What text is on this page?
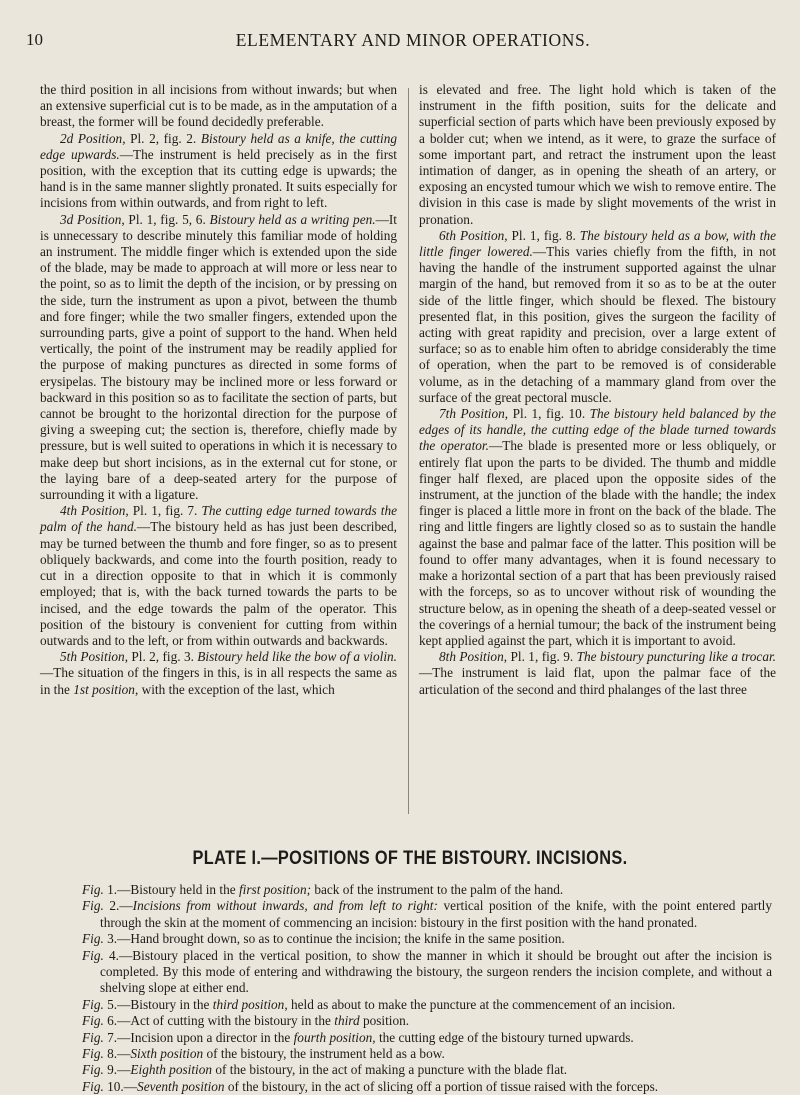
10	ELEMENTARY AND MINOR OPERATIONS.

the third position in all incisions from without inwards; but when an extensive superficial cut is to be made, as in the amputation of a breast, the former will be found decidedly preferable.

2d Position, Pl. 2, fig. 2. Bistoury held as a knife, the cutting edge upwards.—The instrument is held precisely as in the first position, with the exception that its cutting edge is upwards; the hand is in the same manner slightly pronated. It suits especially for incisions from within outwards, and from right to left.

3d Position, Pl. 1, fig. 5, 6. Bistoury held as a writing pen.—It is unnecessary to describe minutely this familiar mode of holding an instrument. The middle finger which is extended upon the side of the blade, may be made to approach at will more or less near to the point, so as to limit the depth of the incision, or by pressing on the side, turn the instrument as upon a pivot, between the thumb and fore finger; while the two smaller fingers, extended upon the surrounding parts, give a point of support to the hand. When held vertically, the point of the instrument may be readily applied for the purpose of making punctures as directed in some forms of erysipelas. The bistoury may be inclined more or less forward or backward in this position so as to facilitate the section of parts, but cannot be brought to the horizontal direction for the purpose of giving a sweeping cut; the section is, therefore, chiefly made by pressure, but is well suited to operations in which it is necessary to make deep but short incisions, as in the external cut for stone, or the laying bare of a deep-seated artery for the purpose of surrounding it with a ligature.

4th Position, Pl. 1, fig. 7. The cutting edge turned towards the palm of the hand.—The bistoury held as has just been described, may be turned between the thumb and fore finger, so as to present obliquely backwards, and come into the fourth position, ready to cut in a direction opposite to that in which it is commonly employed; that is, with the back turned towards the parts to be incised, and the edge towards the palm of the operator. This position of the bistoury is convenient for cutting from within outwards and to the left, or from within outwards and backwards.

5th Position, Pl. 2, fig. 3. Bistoury held like the bow of a violin.—The situation of the fingers in this, is in all respects the same as in the 1st position, with the exception of the last, which

is elevated and free. The light hold which is taken of the instrument in the fifth position, suits for the delicate and superficial section of parts which have been previously exposed by a bolder cut; when we intend, as it were, to graze the surface of some important part, and retract the instrument upon the least intimation of danger, as in opening the sheath of an artery, or exposing an encysted tumour which we wish to remove entire. The division in this case is made by slight movements of the wrist in pronation.

6th Position, Pl. 1, fig. 8. The bistoury held as a bow, with the little finger lowered.—This varies chiefly from the fifth, in not having the handle of the instrument supported against the ulnar margin of the hand, but removed from it so as to be at the outer side of the little finger, which should be flexed. The bistoury presented flat, in this position, gives the surgeon the facility of acting with great rapidity and precision, over a large extent of surface; so as to enable him often to abridge considerably the time of operation, when the part to be removed is of considerable volume, as in the detaching of a mammary gland from over the surface of the great pectoral muscle.

7th Position, Pl. 1, fig. 10. The bistoury held balanced by the edges of its handle, the cutting edge of the blade turned towards the operator.—The blade is presented more or less obliquely, or entirely flat upon the parts to be divided. The thumb and middle finger half flexed, are placed upon the opposite sides of the instrument, at the junction of the blade with the handle; the index finger is placed a little more in front on the back of the blade. The ring and little fingers are lightly closed so as to sustain the handle against the base and palmar face of the latter. This position will be found to offer many advantages, when it is found necessary to make a horizontal section of a part that has been previously raised with the forceps, so as to uncover without risk of wounding the structure below, as in opening the sheath of a deep-seated vessel or the coverings of a hernial tumour; the back of the instrument being kept applied against the part, which it is important to avoid.

8th Position, Pl. 1, fig. 9. The bistoury puncturing like a trocar.—The instrument is laid flat, upon the palmar face of the articulation of the second and third phalanges of the last three

PLATE I.—POSITIONS OF THE BISTOURY. INCISIONS.

Fig. 1.—Bistoury held in the first position; back of the instrument to the palm of the hand.

Fig. 2.—Incisions from without inwards, and from left to right: vertical position of the knife, with the point entered partly through the skin at the moment of commencing an incision: bistoury in the first position with the hand pronated.

Fig. 3.—Hand brought down, so as to continue the incision; the knife in the same position.

Fig. 4.—Bistoury placed in the vertical position, to show the manner in which it should be brought out after the incision is completed. By this mode of entering and withdrawing the bistoury, the surgeon renders the incision complete, and without a shelving slope at either end.

Fig. 5.—Bistoury in the third position, held as about to make the puncture at the commencement of an incision.

Fig. 6.—Act of cutting with the bistoury in the third position.

Fig. 7.—Incision upon a director in the fourth position, the cutting edge of the bistoury turned upwards.

Fig. 8.—Sixth position of the bistoury, the instrument held as a bow.

Fig. 9.—Eighth position of the bistoury, in the act of making a puncture with the blade flat.

Fig. 10.—Seventh position of the bistoury, in the act of slicing off a portion of tissue raised with the forceps.
